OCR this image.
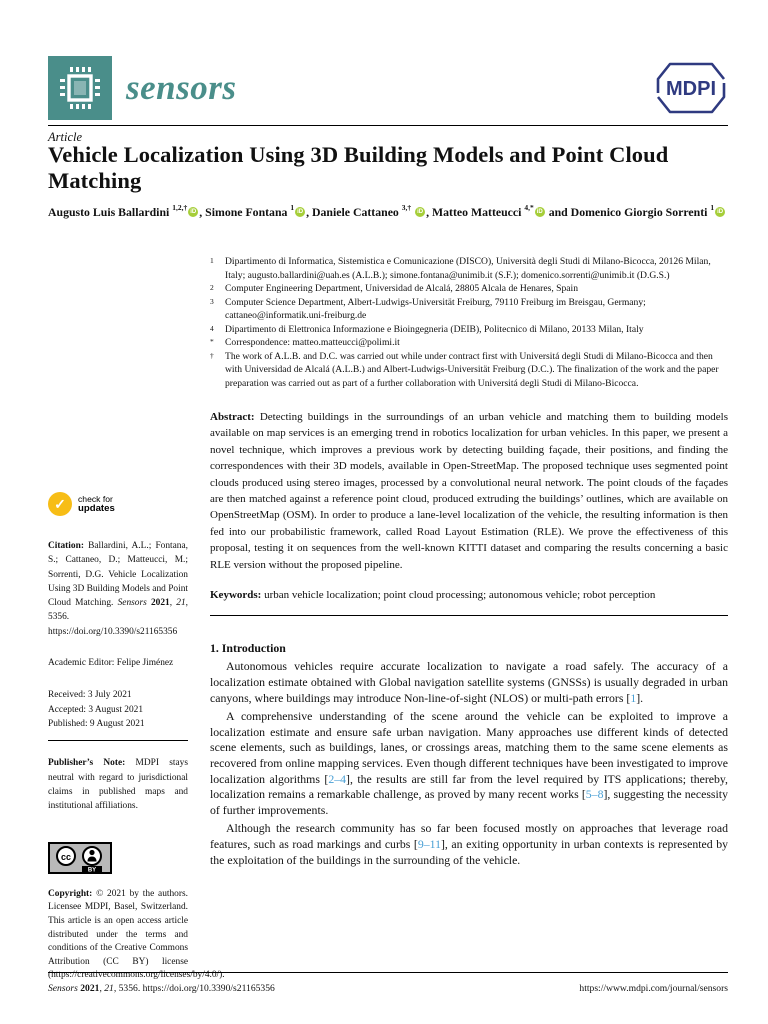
sensors	MDPI
Article
Vehicle Localization Using 3D Building Models and Point Cloud Matching
Augusto Luis Ballardini $^{1,2,\dagger}$ iD , Simone Fontana $^1$ iD , Daniele Cattaneo $^{3,\dagger}$ iD , Matteo Matteucci $^{4,*}$ iD and Domenico Giorgio Sorrenti $^1$ iD
1	Dipartimento di Informatica, Sistemistica e Comunicazione (DISCO), Università degli Studi di Milano-Bicocca, 20126 Milan, Italy; augusto.ballardini@uah.es (A.L.B.); simone.fontana@unimib.it (S.F.); domenico.sorrenti@unimib.it (D.G.S.)
2	Computer Engineering Department, Universidad de Alcalá, 28805 Alcala de Henares, Spain
3	Computer Science Department, Albert-Ludwigs-Universität Freiburg, 79110 Freiburg im Breisgau, Germany; cattaneo@informatik.uni-freiburg.de
4	Dipartimento di Elettronica Informazione e Bioingegneria (DEIB), Politecnico di Milano, 20133 Milan, Italy
*	Correspondence: matteo.matteucci@polimi.it
†	The work of A.L.B. and D.C. was carried out while under contract first with Universitá degli Studi di Milano-Bicocca and then with Universidad de Alcalá (A.L.B.) and Albert-Ludwigs-Universität Freiburg (D.C.). The finalization of the work and the paper preparation was carried out as part of a further collaboration with Universitá degli Studi di Milano-Bicocca.

Abstract: Detecting buildings in the surroundings of an urban vehicle and matching them to building models available on map services is an emerging trend in robotics localization for urban vehicles. In this paper, we present a novel technique, which improves a previous work by detecting building façade, their positions, and finding the correspondences with their 3D models, available in Open-StreetMap. The proposed technique uses segmented point clouds produced using stereo images, processed by a convolutional neural network. The point clouds of the façades are then matched against a reference point cloud, produced extruding the buildings’ outlines, which are available on OpenStreetMap (OSM). In order to produce a lane-level localization of the vehicle, the resulting information is then fed into our probabilistic framework, called Road Layout Estimation (RLE). We prove the effectiveness of this proposal, testing it on sequences from the well-known KITTI dataset and comparing the results concerning a basic RLE version without the proposed pipeline.

Keywords: urban vehicle localization; point cloud processing; autonomous vehicle; robot perception

1. Introduction

Autonomous vehicles require accurate localization to navigate a road safely. The accuracy of a localization estimate obtained with Global navigation satellite systems (GNSSs) is usually degraded in urban canyons, where buildings may introduce Non-line-of-sight (NLOS) or multi-path errors [1].

A comprehensive understanding of the scene around the vehicle can be exploited to improve a localization estimate and ensure safe urban navigation. Many approaches use different kinds of detected scene elements, such as buildings, lanes, or crossings areas, matching them to the same scene elements as recovered from online mapping services. Even though different techniques have been investigated to improve localization algorithms [2–4], the results are still far from the level required by ITS applications; thereby, localization remains a remarkable challenge, as proved by many recent works [5–8], suggesting the necessity of further improvements.

Although the research community has so far been focused mostly on approaches that leverage road features, such as road markings and curbs [9–11], an exiting opportunity in urban contexts is represented by the exploitation of the buildings in the surrounding of the vehicle.

✓ check for
updates
Citation: Ballardini, A.L.; Fontana, S.; Cattaneo, D.; Matteucci, M.; Sorrenti, D.G. Vehicle Localization Using 3D Building Models and Point Cloud Matching. Sensors 2021, 21, 5356. https://doi.org/10.3390/s21165356
Academic Editor: Felipe Jiménez
Received: 3 July 2021
Accepted: 3 August 2021
Published: 9 August 2021
Publisher’s Note: MDPI stays neutral with regard to jurisdictional claims in published maps and institutional affiliations.
cc
BY
Copyright: © 2021 by the authors. Licensee MDPI, Basel, Switzerland. This article is an open access article distributed under the terms and conditions of the Creative Commons Attribution (CC BY) license (https://creativecommons.org/licenses/by/4.0/).
Sensors 2021, 21, 5356. https://doi.org/10.3390/s21165356	https://www.mdpi.com/journal/sensors
